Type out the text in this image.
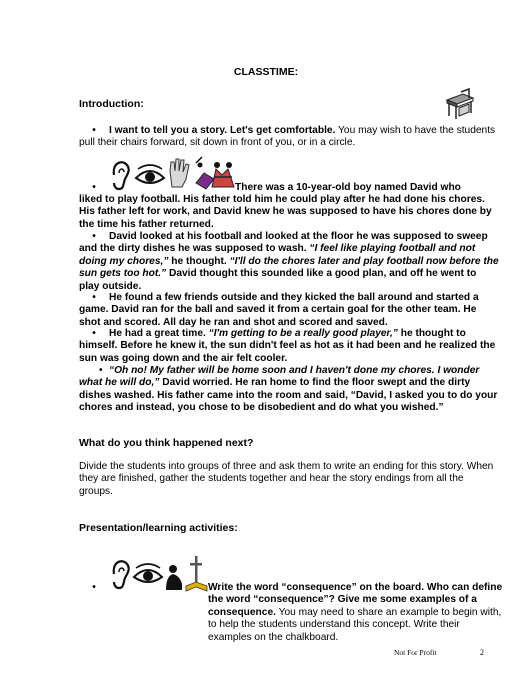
CLASSTIME:
Introduction:
• I want to tell you a story. Let's get comfortable. You may wish to have the students pull their chairs forward, sit down in front of you, or in a circle.
•	There was a 10-year-old boy named David who
liked to play football. His father told him he could play after he had done his chores. His father left for work, and David knew he was supposed to have his chores done by the time his father returned.
• David looked at his football and looked at the floor he was supposed to sweep and the dirty dishes he was supposed to wash. “I feel like playing football and not doing my chores,” he thought. “I'll do the chores later and play football now before the sun gets too hot.” David thought this sounded like a good plan, and off he went to play outside.
• He found a few friends outside and they kicked the ball around and started a game. David ran for the ball and saved it from a certain goal for the other team. He shot and scored. All day he ran and shot and scored and saved.
• He had a great time. “I'm getting to be a really good player,” he thought to himself. Before he knew it, the sun didn't feel as hot as it had been and he realized the sun was going down and the air felt cooler.
“Oh no! My father will be home soon and I haven't done my chores. I wonder what he will do,” David worried. He ran home to find the floor swept and the dirty dishes washed. His father came into the room and said, “David, I asked you to do your chores and instead, you chose to be disobedient and do what you wished.”
•
What do you think happened next?
Divide the students into groups of three and ask them to write an ending for this story. When they are finished, gather the students together and hear the story endings from all the groups.
Presentation/learning activities:
•	Write the word “consequence” on the board. Who can define the word “consequence”? Give me some examples of a consequence. You may need to share an example to begin with, to help the students understand this concept. Write their examples on the chalkboard.
Not For Profit	2
